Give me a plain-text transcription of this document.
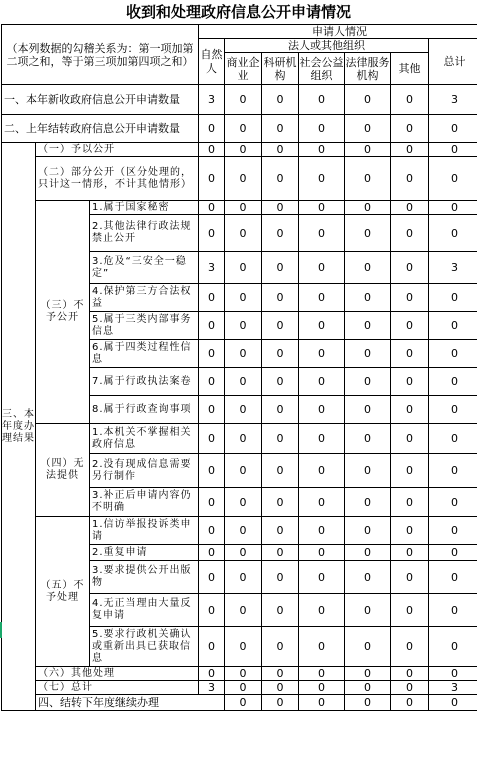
收到和处理政府信息公开申请情况
（本列数据的勾稽关系为：第一项加第二项之和，等于第三项加第四项之和）			申请人情况							
			自然人	法人或其他组织					总计	
				商业企业	科研机构	社会公益组织	法律服务机构	其他		
一、本年新收政府信息公开申请数量			3	0	0	0	0	0	3	
二、上年结转政府信息公开申请数量			0	0	0	0	0	0	0	
三、本年度办理结果	（一）予以公开		0	0	0	0	0	0	0	
	（二）部分公开（区分处理的，只计这一情形，不计其他情形）		0	0	0	0	0	0	0	
	（三）不予公开	1.属于国家秘密	0	0	0	0	0	0	0	
		2.其他法律行政法规禁止公开	0	0	0	0	0	0	0	
		3.危及“三安全一稳定”	3	0	0	0	0	0	3	
		4.保护第三方合法权益	0	0	0	0	0	0	0	
		5.属于三类内部事务信息	0	0	0	0	0	0	0	
		6.属于四类过程性信息	0	0	0	0	0	0	0	
		7.属于行政执法案卷	0	0	0	0	0	0	0	
		8.属于行政查询事项	0	0	0	0	0	0	0	
	（四）无法提供	1.本机关不掌握相关政府信息	0	0	0	0	0	0	0	
		2.没有现成信息需要另行制作	0	0	0	0	0	0	0	
		3.补正后申请内容仍不明确	0	0	0	0	0	0	0	
	（五）不予处理	1.信访举报投诉类申请	0	0	0	0	0	0	0	
		2.重复申请	0	0	0	0	0	0	0	
		3.要求提供公开出版物	0	0	0	0	0	0	0	
		4.无正当理由大量反复申请	0	0	0	0	0	0	0	
		5.要求行政机关确认或重新出具已获取信息	0	0	0	0	0	0	0	
	（六）其他处理		0	0	0	0	0	0	0	
	（七）总计		3	0	0	0	0	0	3	
	四、结转下年度继续办理			0	0	0	0	0	0	
